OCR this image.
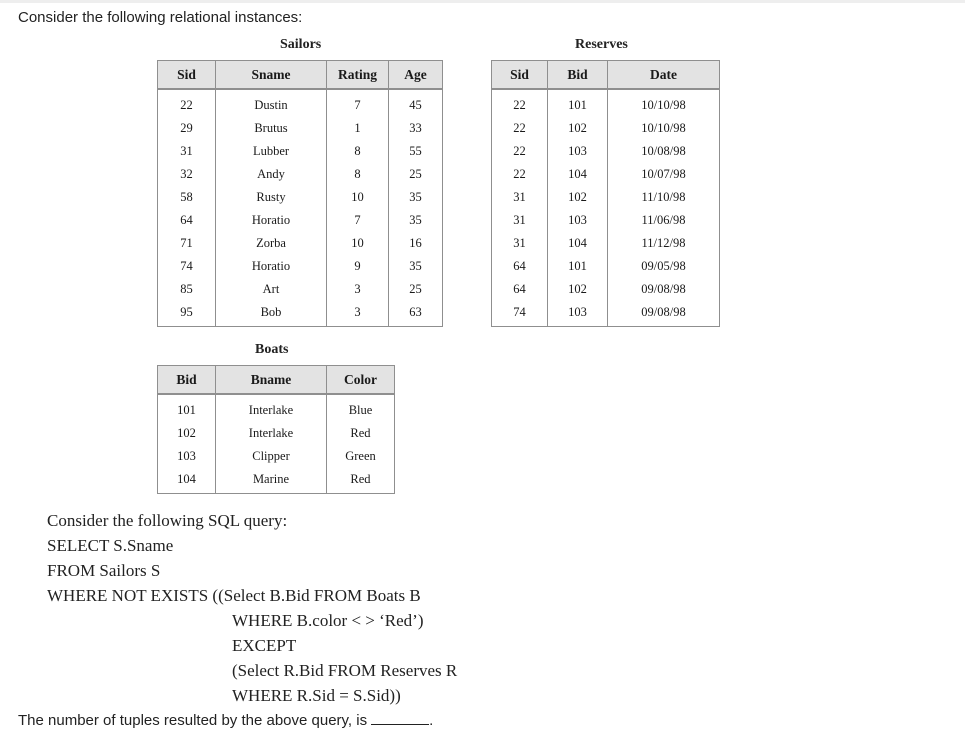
Consider the following relational instances:
Sailors
Sid	Sname	Rating	Age
22	Dustin	7	45
29	Brutus	1	33
31	Lubber	8	55
32	Andy	8	25
58	Rusty	10	35
64	Horatio	7	35
71	Zorba	10	16
74	Horatio	9	35
85	Art	3	25
95	Bob	3	63
Reserves
Sid	Bid	Date
22	101	10/10/98
22	102	10/10/98
22	103	10/08/98
22	104	10/07/98
31	102	11/10/98
31	103	11/06/98
31	104	11/12/98
64	101	09/05/98
64	102	09/08/98
74	103	09/08/98
Boats
Bid	Bname	Color
101	Interlake	Blue
102	Interlake	Red
103	Clipper	Green
104	Marine	Red
Consider the following SQL query:
SELECT S.Sname
FROM Sailors S
WHERE NOT EXISTS ((Select B.Bid FROM Boats B
WHERE B.color < > ‘Red’)
EXCEPT
(Select R.Bid FROM Reserves R
WHERE R.Sid = S.Sid))
The number of tuples resulted by the above query, is	.
